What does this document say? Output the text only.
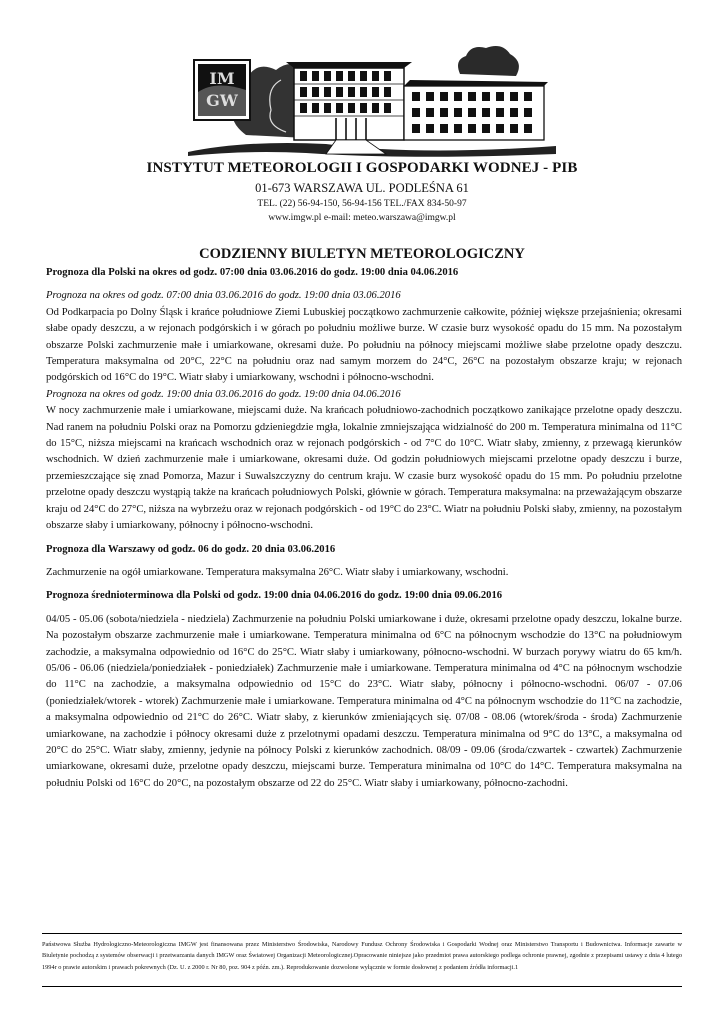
IM
GW
INSTYTUT METEOROLOGII I GOSPODARKI WODNEJ - PIB
01-673 WARSZAWA UL. PODLEŚNA 61
TEL. (22) 56-94-150, 56-94-156 TEL./FAX 834-50-97
www.imgw.pl e-mail: meteo.warszawa@imgw.pl
CODZIENNY BIULETYN METEOROLOGICZNY

Prognoza dla Polski na okres od godz. 07:00 dnia 03.06.2016 do godz. 19:00 dnia 04.06.2016

Prognoza na okres od godz. 07:00 dnia 03.06.2016 do godz. 19:00 dnia 03.06.2016

Od Podkarpacia po Dolny Śląsk i krańce południowe Ziemi Lubuskiej początkowo zachmurzenie całkowite, później większe przejaśnienia; okresami słabe opady deszczu, a w rejonach podgórskich i w górach po południu możliwe burze. W czasie burz wysokość opadu do 15 mm. Na pozostałym obszarze Polski zachmurzenie małe i umiarkowane, okresami duże. Po południu na północy miejscami możliwe słabe przelotne opady deszczu. Temperatura maksymalna od 20°C, 22°C na południu oraz nad samym morzem do 24°C, 26°C na pozostałym obszarze kraju; w rejonach podgórskich od 16°C do 19°C. Wiatr słaby i umiarkowany, wschodni i północno-wschodni.

Prognoza na okres od godz. 19:00 dnia 03.06.2016 do godz. 19:00 dnia 04.06.2016

W nocy zachmurzenie małe i umiarkowane, miejscami duże. Na krańcach południowo-zachodnich początkowo zanikające przelotne opady deszczu. Nad ranem na południu Polski oraz na Pomorzu gdzieniegdzie mgła, lokalnie zmniejszająca widzialność do 200 m. Temperatura minimalna od 11°C do 15°C, niższa miejscami na krańcach wschodnich oraz w rejonach podgórskich - od 7°C do 10°C. Wiatr słaby, zmienny, z przewagą kierunków wschodnich. W dzień zachmurzenie małe i umiarkowane, okresami duże. Od godzin południowych miejscami przelotne opady deszczu i burze, przemieszczające się znad Pomorza, Mazur i Suwalszczyzny do centrum kraju. W czasie burz wysokość opadu do 15 mm. Po południu przelotne przelotne opady deszczu wystąpią także na krańcach południowych Polski, głównie w górach. Temperatura maksymalna: na przeważającym obszarze kraju od 24°C do 27°C, niższa na wybrzeżu oraz w rejonach podgórskich - od 19°C do 23°C. Wiatr na południu Polski słaby, zmienny, na pozostałym obszarze słaby i umiarkowany, północny i północno-wschodni.

Prognoza dla Warszawy od godz. 06 do godz. 20 dnia 03.06.2016

Zachmurzenie na ogół umiarkowane. Temperatura maksymalna 26°C. Wiatr słaby i umiarkowany, wschodni.

Prognoza średnioterminowa dla Polski od godz. 19:00 dnia 04.06.2016 do godz. 19:00 dnia 09.06.2016

04/05 - 05.06 (sobota/niedziela - niedziela) Zachmurzenie na południu Polski umiarkowane i duże, okresami przelotne opady deszczu, lokalne burze. Na pozostałym obszarze zachmurzenie małe i umiarkowane. Temperatura minimalna od 6°C na północnym wschodzie do 13°C na południowym zachodzie, a maksymalna odpowiednio od 16°C do 25°C. Wiatr słaby i umiarkowany, północno-wschodni. W burzach porywy wiatru do 65 km/h. 05/06 - 06.06 (niedziela/poniedziałek - poniedziałek) Zachmurzenie małe i umiarkowane. Temperatura minimalna od 4°C na północnym wschodzie do 11°C na zachodzie, a maksymalna odpowiednio od 15°C do 23°C. Wiatr słaby, północny i północno-wschodni. 06/07 - 07.06 (poniedziałek/wtorek - wtorek) Zachmurzenie małe i umiarkowane. Temperatura minimalna od 4°C na północnym wschodzie do 11°C na zachodzie, a maksymalna odpowiednio od 21°C do 26°C. Wiatr słaby, z kierunków zmieniających się. 07/08 - 08.06 (wtorek/środa - środa) Zachmurzenie umiarkowane, na zachodzie i północy okresami duże z przelotnymi opadami deszczu. Temperatura minimalna od 9°C do 13°C, a maksymalna od 20°C do 25°C. Wiatr słaby, zmienny, jedynie na północy Polski z kierunków zachodnich. 08/09 - 09.06 (środa/czwartek - czwartek) Zachmurzenie umiarkowane, okresami duże, przelotne opady deszczu, miejscami burze. Temperatura minimalna od 10°C do 14°C. Temperatura maksymalna na południu Polski od 16°C do 20°C, na pozostałym obszarze od 22 do 25°C. Wiatr słaby i umiarkowany, północno-zachodni.

Państwowa Służba Hydrologiczno-Meteorologiczna IMGW jest finansowana przez Ministerstwo Środowiska, Narodowy Fundusz Ochrony Środowiska i Gospodarki Wodnej oraz Ministerstwo Transportu i Budownictwa. Informacje zawarte w Biuletynie pochodzą z systemów obserwacji i przetwarzania danych IMGW oraz Światowej Organizacji Meteorologicznej.Opracowanie niniejsze jako przedmiot prawa autorskiego podlega ochronie prawnej, zgodnie z przepisami ustawy z dnia 4 lutego 1994r o prawie autorskim i prawach pokrewnych (Dz. U. z 2000 r. Nr 80, poz. 904 z późn. zm.). Reprodukowanie dozwolone wyłącznie w formie dosłownej z podaniem źródła informacji.1
